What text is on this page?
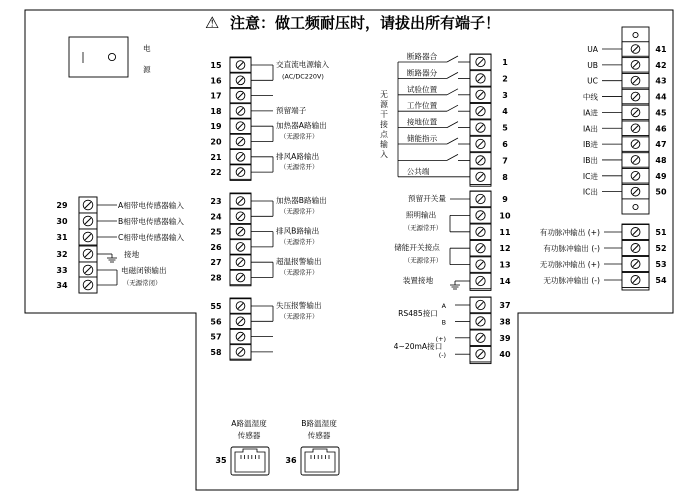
⚠ 注意：做工频耐压时，请拔出所有端子！
电
源
29
30
31
32
33
34
A相带电传感器输入
B相带电传感器输入
C相带电传感器输入
接地
电磁闭锁输出
（无源常闭）
15
16
17
18
19
20
21
22
23
24
25
26
27
28
55
56
57
58
交直流电源输入
(AC/DC220V)
预留端子
加热器A路输出
（无源常开）
排风A路输出
（无源常开）
加热器B路输出
（无源常开）
排风B路输出
（无源常开）
超温报警输出
（无源常开）
失压报警输出
（无源常开）
1
2
3
4
5
6
7
8
9
10
11
12
13
14
37
38
39
40
断路器合
断路器分
试验位置
工作位置
接地位置
储能指示
公共端
无
源
干
接
点
输
入
预留开关量
照明输出
（无源常开）
储能开关接点
（无源常开）
装置接地
A
B
(+)
(-)
RS485接口
4~20mA接口
41
UA
42
UB
43
UC
44
中线
45
IA进
46
IA出
47
IB进
48
IB出
49
IC进
50
IC出
51
有功脉冲输出 (+)
52
有功脉冲输出 (-)
53
无功脉冲输出 (+)
54
无功脉冲输出 (-)
A路温湿度
传感器
35
B路温湿度
传感器
36
